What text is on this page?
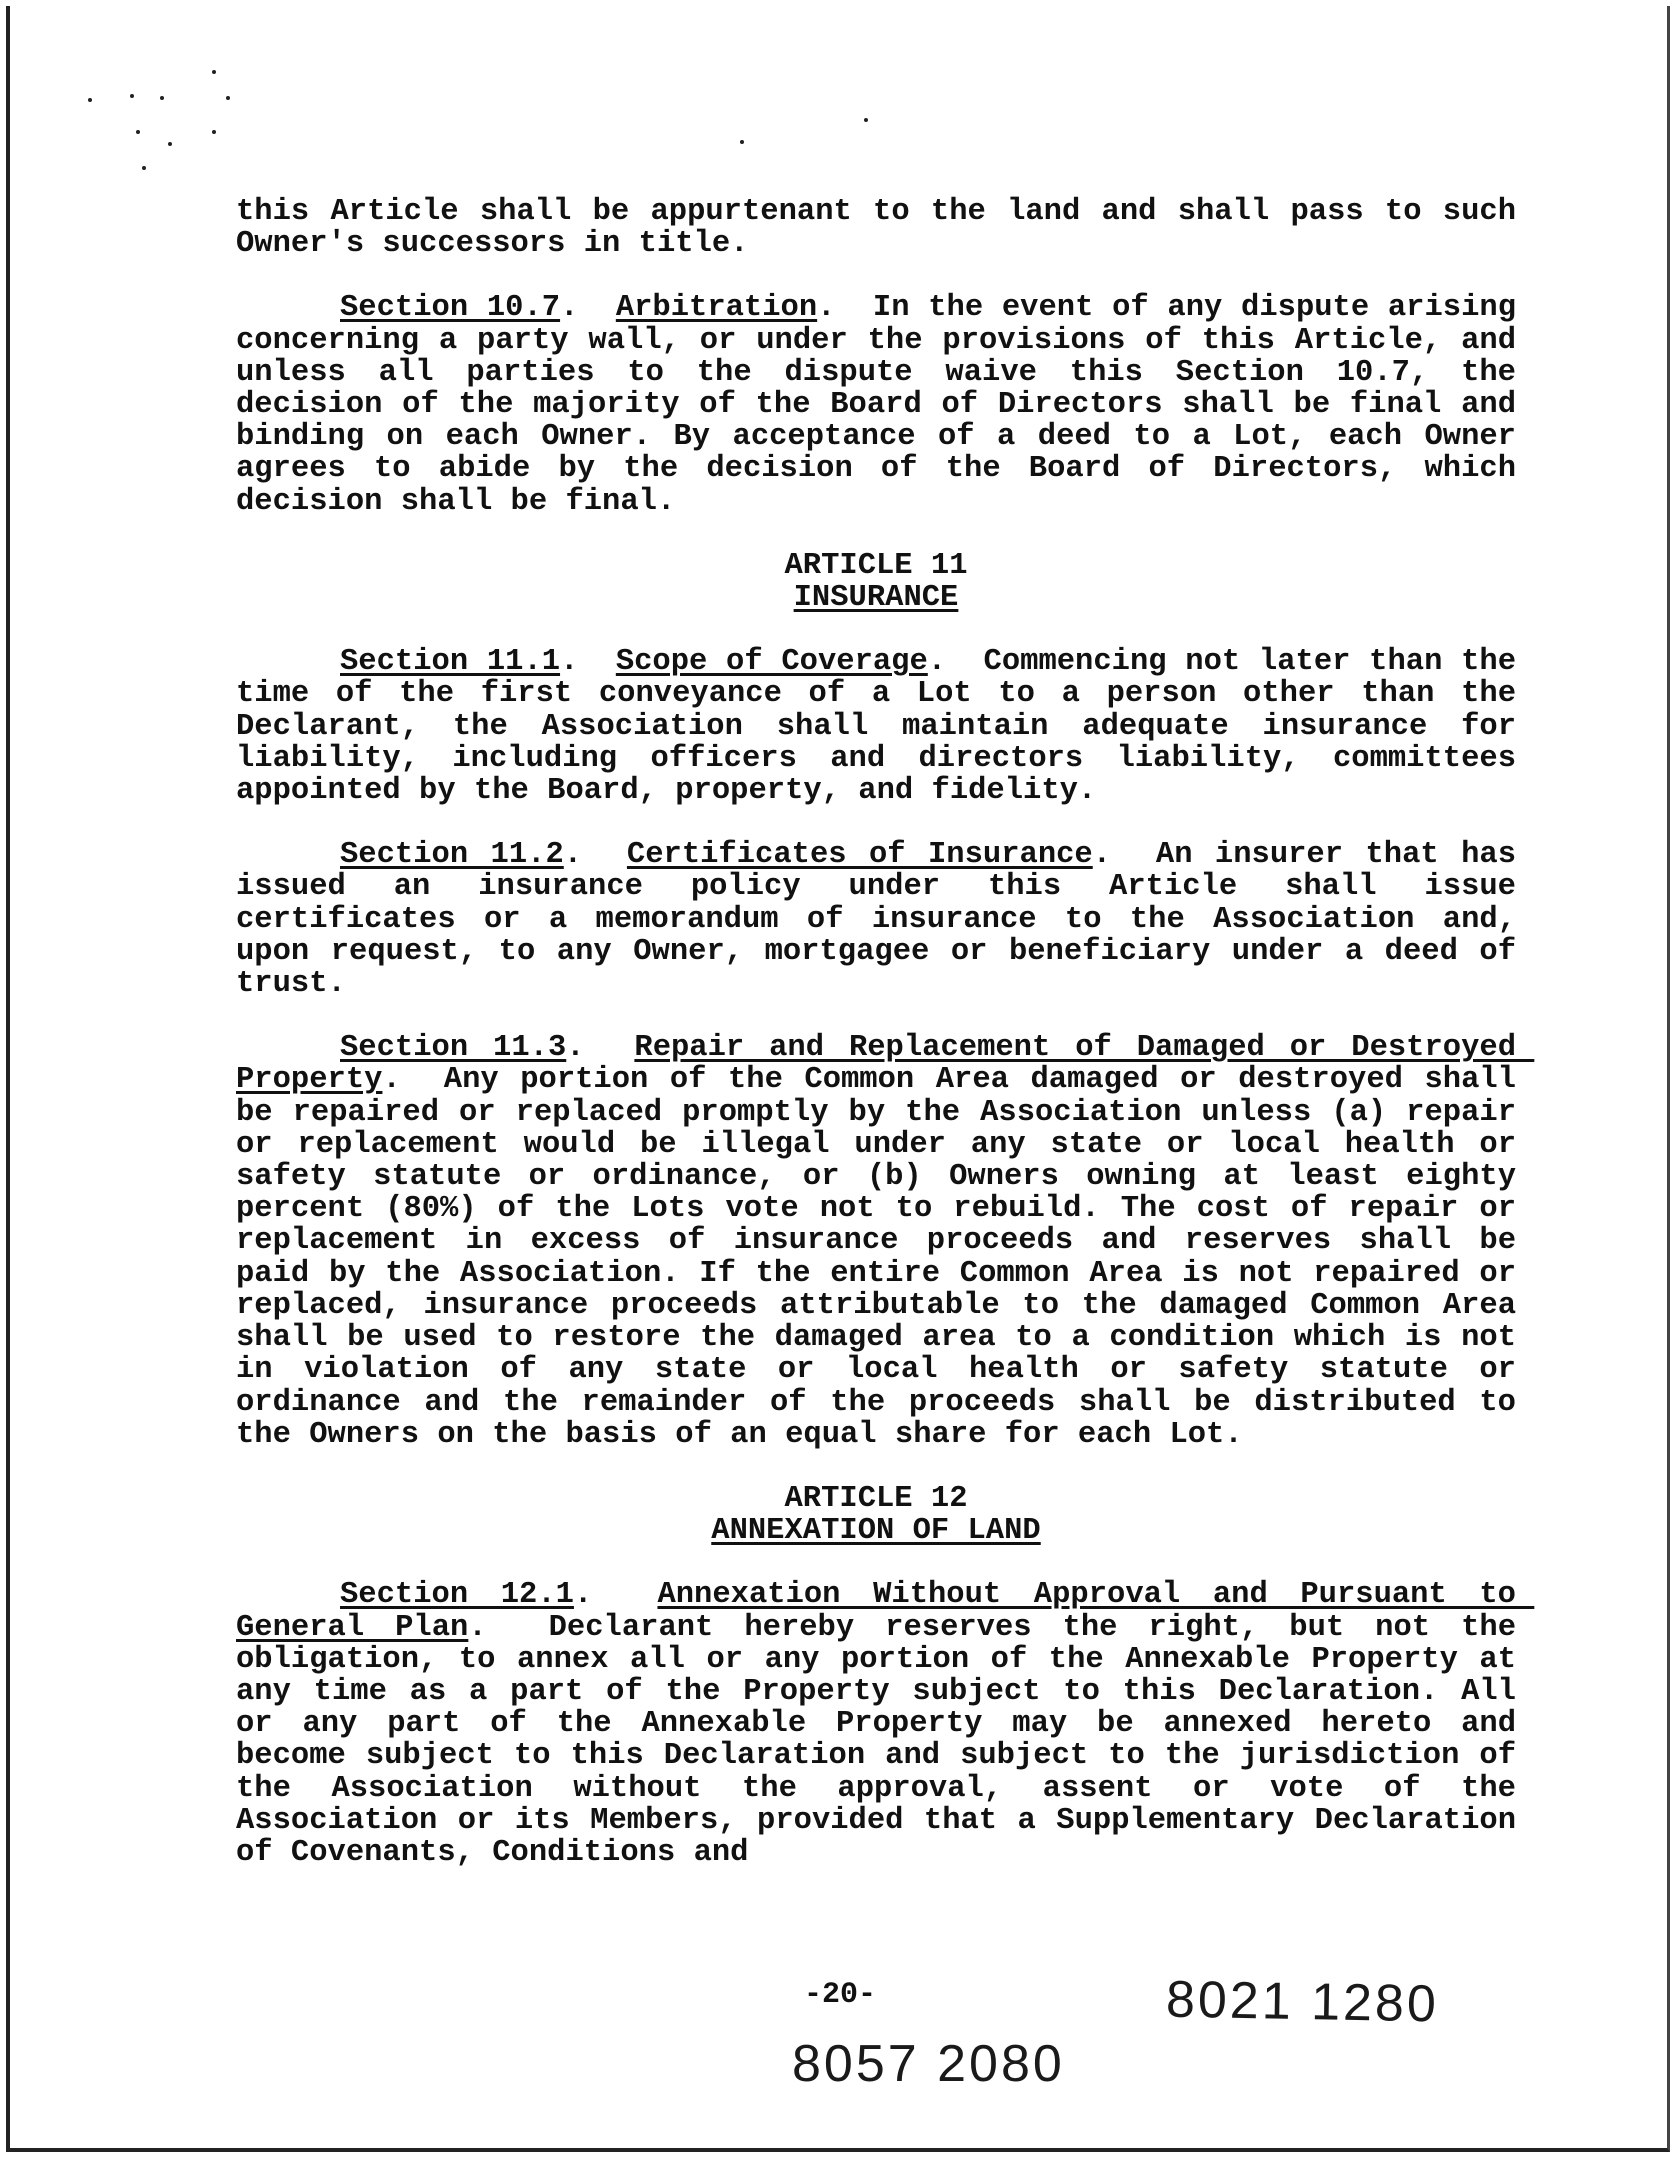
this Article shall be appurtenant to the land and shall pass to such Owner's successors in title.

Section 10.7.  Arbitration.  In the event of any dispute arising concerning a party wall, or under the provisions of this Article, and unless all parties to the dispute waive this Section 10.7, the decision of the majority of the Board of Directors shall be final and binding on each Owner. By acceptance of a deed to a Lot, each Owner agrees to abide by the decision of the Board of Directors, which decision shall be final.

ARTICLE 11

INSURANCE

Section 11.1.  Scope of Coverage.  Commencing not later than the time of the first conveyance of a Lot to a person other than the Declarant, the Association shall maintain adequate insurance for liability, including officers and directors liability, committees appointed by the Board, property, and fidelity.

Section 11.2.  Certificates of Insurance.  An insurer that has issued an insurance policy under this Article shall issue certificates or a memorandum of insurance to the Association and, upon request, to any Owner, mortgagee or beneficiary under a deed of trust.

Section 11.3.  Repair and Replacement of Damaged or Destroyed Property.  Any portion of the Common Area damaged or destroyed shall be repaired or replaced promptly by the Association unless (a) repair or replacement would be illegal under any state or local health or safety statute or ordinance, or (b) Owners owning at least eighty percent (80%) of the Lots vote not to rebuild. The cost of repair or replacement in excess of insurance proceeds and reserves shall be paid by the Association. If the entire Common Area is not repaired or replaced, insurance proceeds attributable to the damaged Common Area shall be used to restore the damaged area to a condition which is not in violation of any state or local health or safety statute or ordinance and the remainder of the proceeds shall be distributed to the Owners on the basis of an equal share for each Lot.

ARTICLE 12

ANNEXATION OF LAND

Section 12.1.  Annexation Without Approval and Pursuant to General Plan.  Declarant hereby reserves the right, but not the obligation, to annex all or any portion of the Annexable Property at any time as a part of the Property subject to this Declaration. All or any part of the Annexable Property may be annexed hereto and become subject to this Declaration and subject to the jurisdiction of the Association without the approval, assent or vote of the Association or its Members, provided that a Supplementary Declaration of Covenants, Conditions and

-20-
8057 2080
8021 1280
